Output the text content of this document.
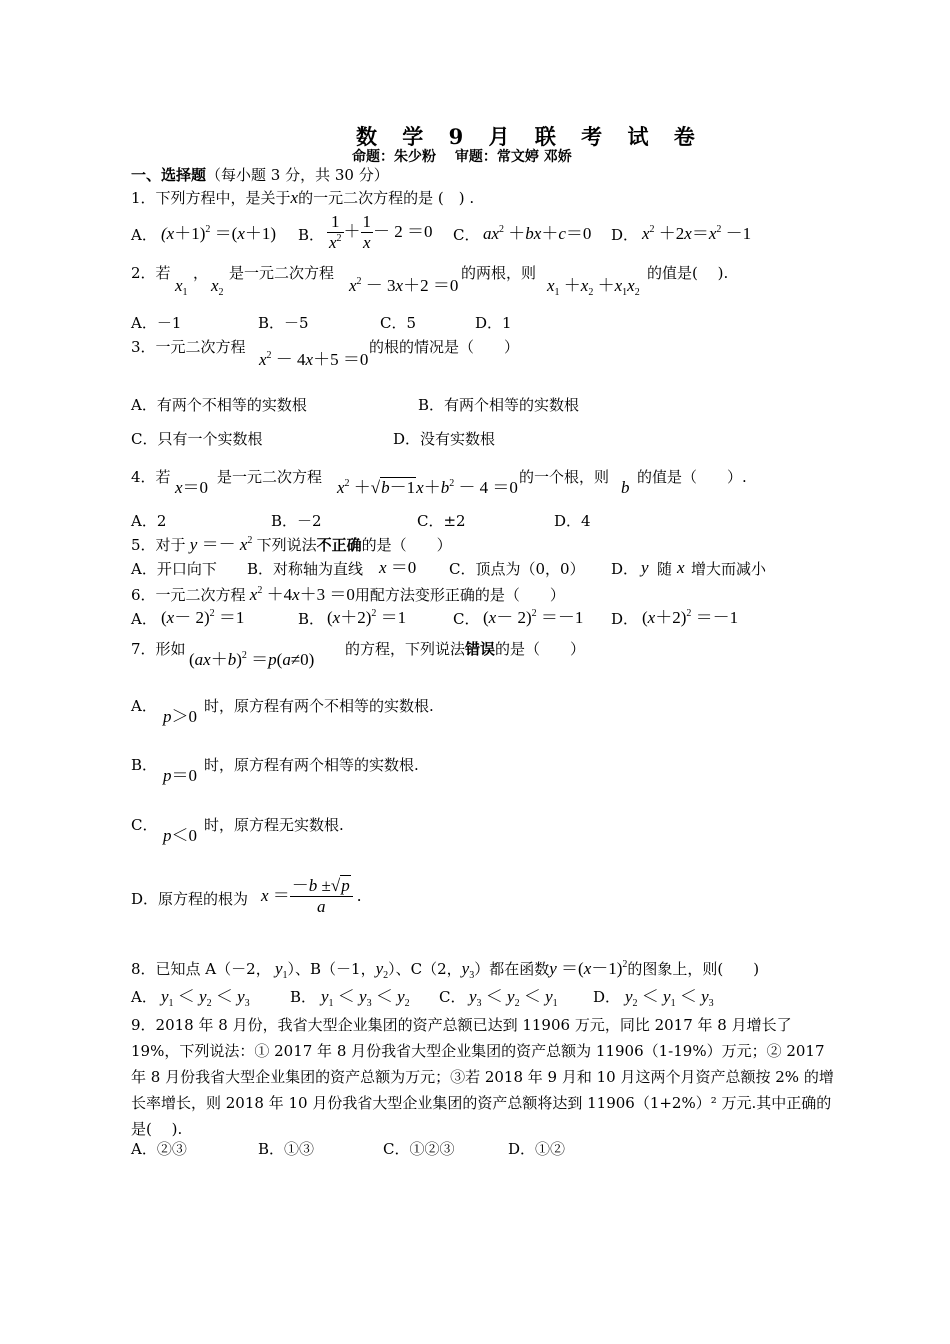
数 学 9 月 联 考 试 卷
命题：朱少粉　 审题：常文婷 邓娇
一、选择题（每小题 3 分，共 30 分）
1．下列方程中，是关于x的一元二次方程的是 (　) .
A． $(x+1)^2 =(x+1)$ B． $\frac{1}{x^2} + \frac{1}{x} - 2 =0$ C． $ax^2 +bx+c=0$ D． $x^2 +2x=x^2 -1$
2．若
$x_1$
，
$x_2$
是一元二次方程
$x^2 - 3x+2 =0$
的两根，则
$x_1 +x_2 +x_1x_2$
的值是(　 ).
A．－1	B．－5	C．5	D．1
3．一元二次方程
$x^2 - 4x+5 =0$
的根的情况是（　　）
A．有两个不相等的实数根	B．有两个相等的实数根
C．只有一个实数根	D．没有实数根
4．若
x＝0
是一元二次方程
$x^2 +√b-1x+b^2 - 4 =0$
的一个根，则
b
的值是（　　）.
A．2	B．－2	C．±2	D．4
5．对于 $y =- x^2$ 下列说法不正确的是（　　）
A．开口向下 B．对称轴为直线 x ＝0 C．顶点为（0，0） D． y 随 x 增大而减小
6．一元二次方程 $x^2 +4x+3 =0$用配方法变形正确的是（　　）
A． $(x- 2)^2 =1$	B． $(x+2)^2 =1$	C． $(x- 2)^2 =-1$ D． $(x+2)^2 =-1$
7．形如
$(ax+b)^2 =p(a\ne 0)$
的方程，下列说法错误的是（　　）
A．
p＞0
时，原方程有两个不相等的实数根.
B．
p＝0
时，原方程有两个相等的实数根.
C．
p＜0
时，原方程无实数根.
D．原方程的根为 $x = \frac{-b \pm√p}{a}$ .
8．已知点 A（－2， $y_1$）、B（－1，$y_2$）、C（2，$y_3$）都在函数$y =(x-1)^2$的图象上，则(　　)
A． $y_1 < y_2 < y_3$	B． $y_1 < y_3 < y_2$ C． $y_3 < y_2 < y_1$ D． $y_2 < y_1 < y_3$
9．2018 年 8 月份，我省大型企业集团的资产总额已达到 11906 万元，同比 2017 年 8 月增长了 19%，下列说法：① 2017 年 8 月份我省大型企业集团的资产总额为 11906（1-19%）万元；② 2017 年 8 月份我省大型企业集团的资产总额为万元；③若 2018 年 9 月和 10 月这两个月资产总额按 2% 的增长率增长，则 2018 年 10 月份我省大型企业集团的资产总额将达到 11906（1+2%）² 万元.其中正确的是(　 ).
A．②③	B．①③	C．①②③	D．①②
